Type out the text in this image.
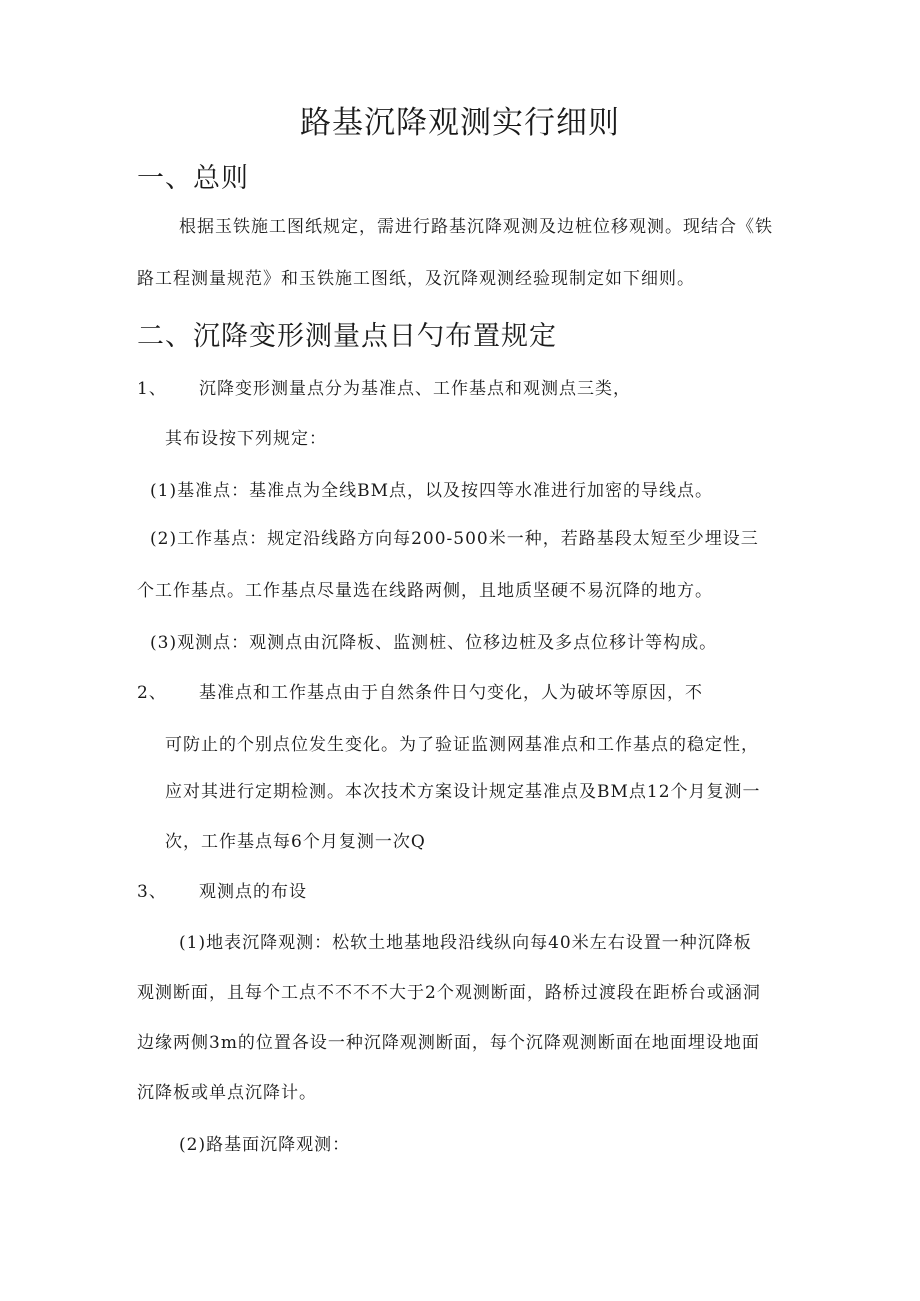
路基沉降观测实行细则
一、总则
根据玉铁施工图纸规定，需进行路基沉降观测及边桩位移观测。现结合《铁
路工程测量规范》和玉铁施工图纸，及沉降观测经验现制定如下细则。
二、沉降变形测量点日勺布置规定
1、 沉降变形测量点分为基准点、工作基点和观测点三类，
其布设按下列规定：
(1)基准点：基准点为全线BM点，以及按四等水准进行加密的导线点。
(2)工作基点：规定沿线路方向每200-500米一种，若路基段太短至少埋设三
个工作基点。工作基点尽量选在线路两侧，且地质坚硬不易沉降的地方。
(3)观测点：观测点由沉降板、监测桩、位移边桩及多点位移计等构成。
2、 基准点和工作基点由于自然条件日勺变化，人为破坏等原因，不
可防止的个别点位发生变化。为了验证监测网基准点和工作基点的稳定性，
应对其进行定期检测。本次技术方案设计规定基准点及BM点12个月复测一
次，工作基点每6个月复测一次Q
3、 观测点的布设
(1)地表沉降观测：松软土地基地段沿线纵向每40米左右设置一种沉降板
观测断面，且每个工点不不不不大于2个观测断面，路桥过渡段在距桥台或涵洞
边缘两侧3m的位置各设一种沉降观测断面，每个沉降观测断面在地面埋设地面
沉降板或单点沉降计。
(2)路基面沉降观测：
